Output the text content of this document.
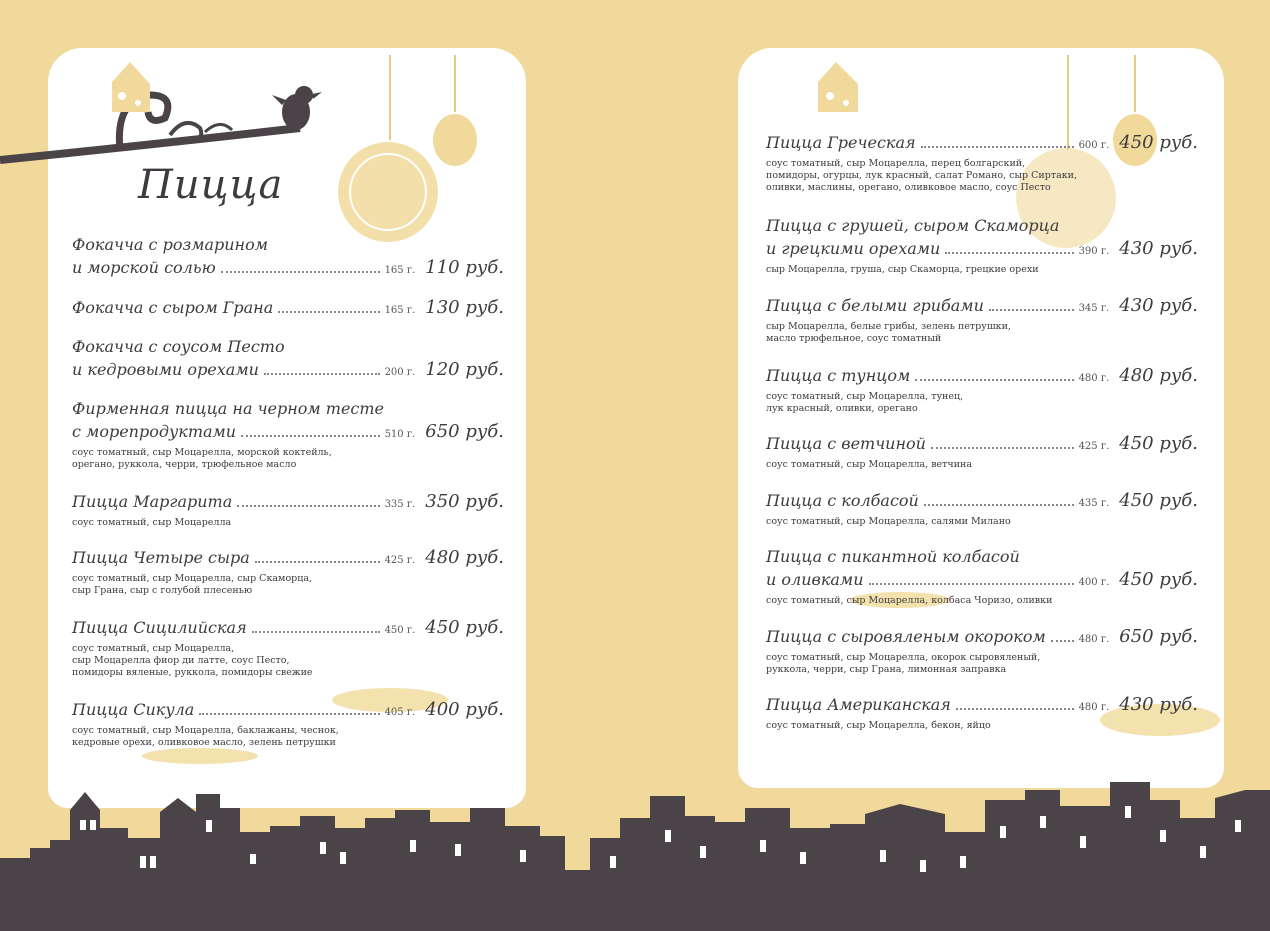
Пицца
Фокачча с розмарином
и морской солью	165 г. 110 руб.
Фокачча с сыром Грана	165 г. 130 руб.
Фокачча с соусом Песто
и кедровыми орехами	200 г. 120 руб.
Фирменная пицца на черном тесте
с морепродуктами	510 г. 650 руб.
соус томатный, сыр Моцарелла, морской коктейль,
орегано, руккола, черри, трюфельное масло
Пицца Маргарита	335 г. 350 руб.
соус томатный, сыр Моцарелла
Пицца Четыре сыра	425 г. 480 руб.
соус томатный, сыр Моцарелла, сыр Скаморца,
сыр Грана, сыр с голубой плесенью
Пицца Сицилийская	450 г. 450 руб.
соус томатный, сыр Моцарелла,
сыр Моцарелла фиор ди латте, соус Песто,
помидоры вяленые, руккола, помидоры свежие
Пицца Сикула	405 г. 400 руб.
соус томатный, сыр Моцарелла, баклажаны, чеснок,
кедровые орехи, оливковое масло, зелень петрушки
Пицца Греческая	600 г. 450 руб.
соус томатный, сыр Моцарелла, перец болгарский,
помидоры, огурцы, лук красный, салат Романо, сыр Сиртаки,
оливки, маслины, орегано, оливковое масло, соус Песто
Пицца с грушей, сыром Скаморца
и грецкими орехами	390 г. 430 руб.
сыр Моцарелла, груша, сыр Скаморца, грецкие орехи
Пицца с белыми грибами	345 г. 430 руб.
сыр Моцарелла, белые грибы, зелень петрушки,
масло трюфельное, соус томатный
Пицца с тунцом	480 г. 480 руб.
соус томатный, сыр Моцарелла, тунец,
лук красный, оливки, орегано
Пицца с ветчиной	425 г. 450 руб.
соус томатный, сыр Моцарелла, ветчина
Пицца с колбасой	435 г. 450 руб.
соус томатный, сыр Моцарелла, салями Милано
Пицца с пикантной колбасой
и оливками	400 г. 450 руб.
соус томатный, сыр Моцарелла, колбаса Чоризо, оливки
Пицца с сыровяленым окороком	480 г. 650 руб.
соус томатный, сыр Моцарелла, окорок сыровяленый,
руккола, черри, сыр Грана, лимонная заправка
Пицца Американская	480 г. 430 руб.
соус томатный, сыр Моцарелла, бекон, яйцо
